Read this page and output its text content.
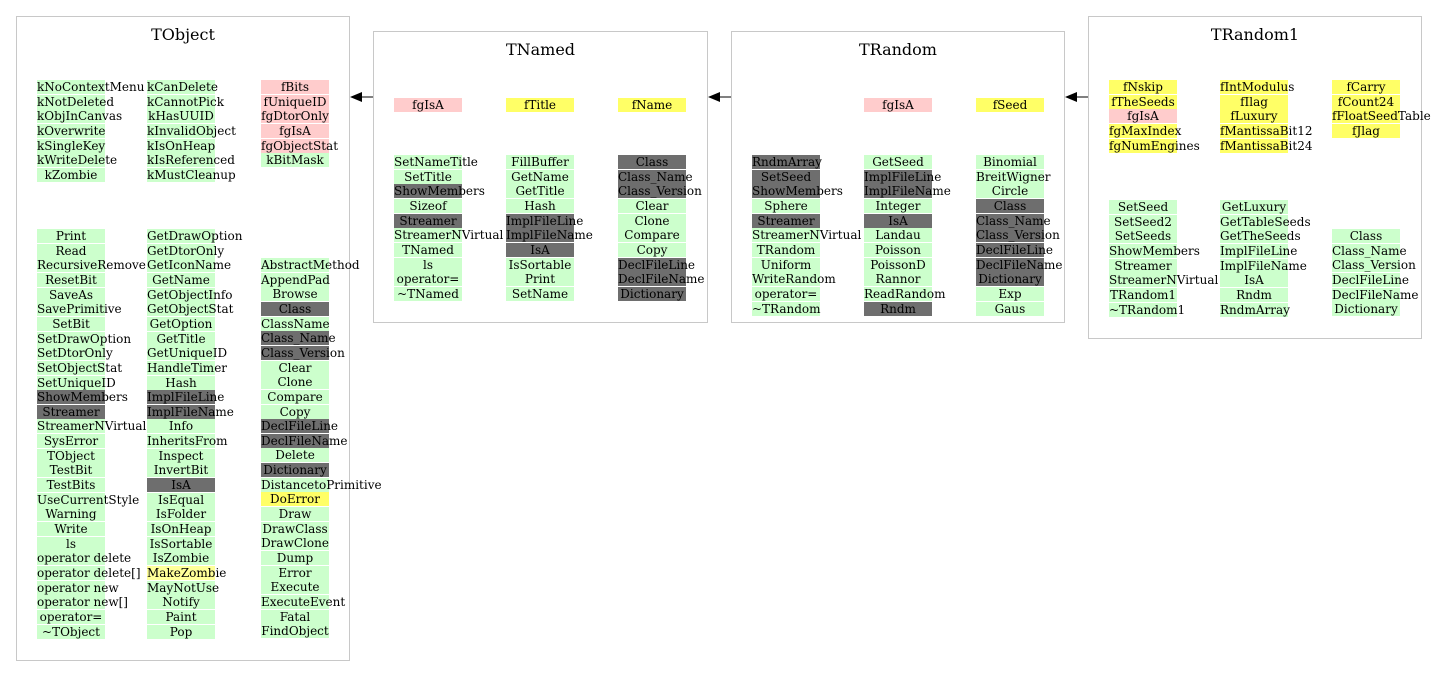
TObject
kNoContextMenu
kNotDeleted
kObjInCanvas
kOverwrite
kSingleKey
kWriteDelete
kZombie
kCanDelete
kCannotPick
kHasUUID
kInvalidObject
kIsOnHeap
kIsReferenced
kMustCleanup
fBits
fUniqueID
fgDtorOnly
fgIsA
fgObjectStat
kBitMask
Print
Read
RecursiveRemove
ResetBit
SaveAs
SavePrimitive
SetBit
SetDrawOption
SetDtorOnly
SetObjectStat
SetUniqueID
ShowMembers
Streamer
StreamerNVirtual
SysError
TObject
TestBit
TestBits
UseCurrentStyle
Warning
Write
ls
operator delete
operator delete[]
operator new
operator new[]
operator=
~TObject
GetDrawOption
GetDtorOnly
GetIconName
GetName
GetObjectInfo
GetObjectStat
GetOption
GetTitle
GetUniqueID
HandleTimer
Hash
ImplFileLine
ImplFileName
Info
InheritsFrom
Inspect
InvertBit
IsA
IsEqual
IsFolder
IsOnHeap
IsSortable
IsZombie
MakeZombie
MayNotUse
Notify
Paint
Pop
AbstractMethod
AppendPad
Browse
Class
ClassName
Class_Name
Class_Version
Clear
Clone
Compare
Copy
DeclFileLine
DeclFileName
Delete
Dictionary
DistancetoPrimitive
DoError
Draw
DrawClass
DrawClone
Dump
Error
Execute
ExecuteEvent
Fatal
FindObject
TNamed
fgIsA	fTitle	fName
SetNameTitle
SetTitle
ShowMembers
Sizeof
Streamer
StreamerNVirtual
TNamed
ls
operator=
~TNamed
FillBuffer
GetName
GetTitle
Hash
ImplFileLine
ImplFileName
IsA
IsSortable
Print
SetName
Class
Class_Name
Class_Version
Clear
Clone
Compare
Copy
DeclFileLine
DeclFileName
Dictionary
TRandom
fgIsA	fSeed
RndmArray
SetSeed
ShowMembers
Sphere
Streamer
StreamerNVirtual
TRandom
Uniform
WriteRandom
operator=
~TRandom
GetSeed
ImplFileLine
ImplFileName
Integer
IsA
Landau
Poisson
PoissonD
Rannor
ReadRandom
Rndm
Binomial
BreitWigner
Circle
Class
Class_Name
Class_Version
DeclFileLine
DeclFileName
Dictionary
Exp
Gaus
TRandom1
fNskip
fTheSeeds
fgIsA
fgMaxIndex
fgNumEngines
fIntModulus
fIlag
fLuxury
fMantissaBit12
fMantissaBit24
fCarry
fCount24
fFloatSeedTable
fJlag
SetSeed
SetSeed2
SetSeeds
ShowMembers
Streamer
StreamerNVirtual
TRandom1
~TRandom1
GetLuxury
GetTableSeeds
GetTheSeeds
ImplFileLine
ImplFileName
IsA
Rndm
RndmArray
Class
Class_Name
Class_Version
DeclFileLine
DeclFileName
Dictionary
